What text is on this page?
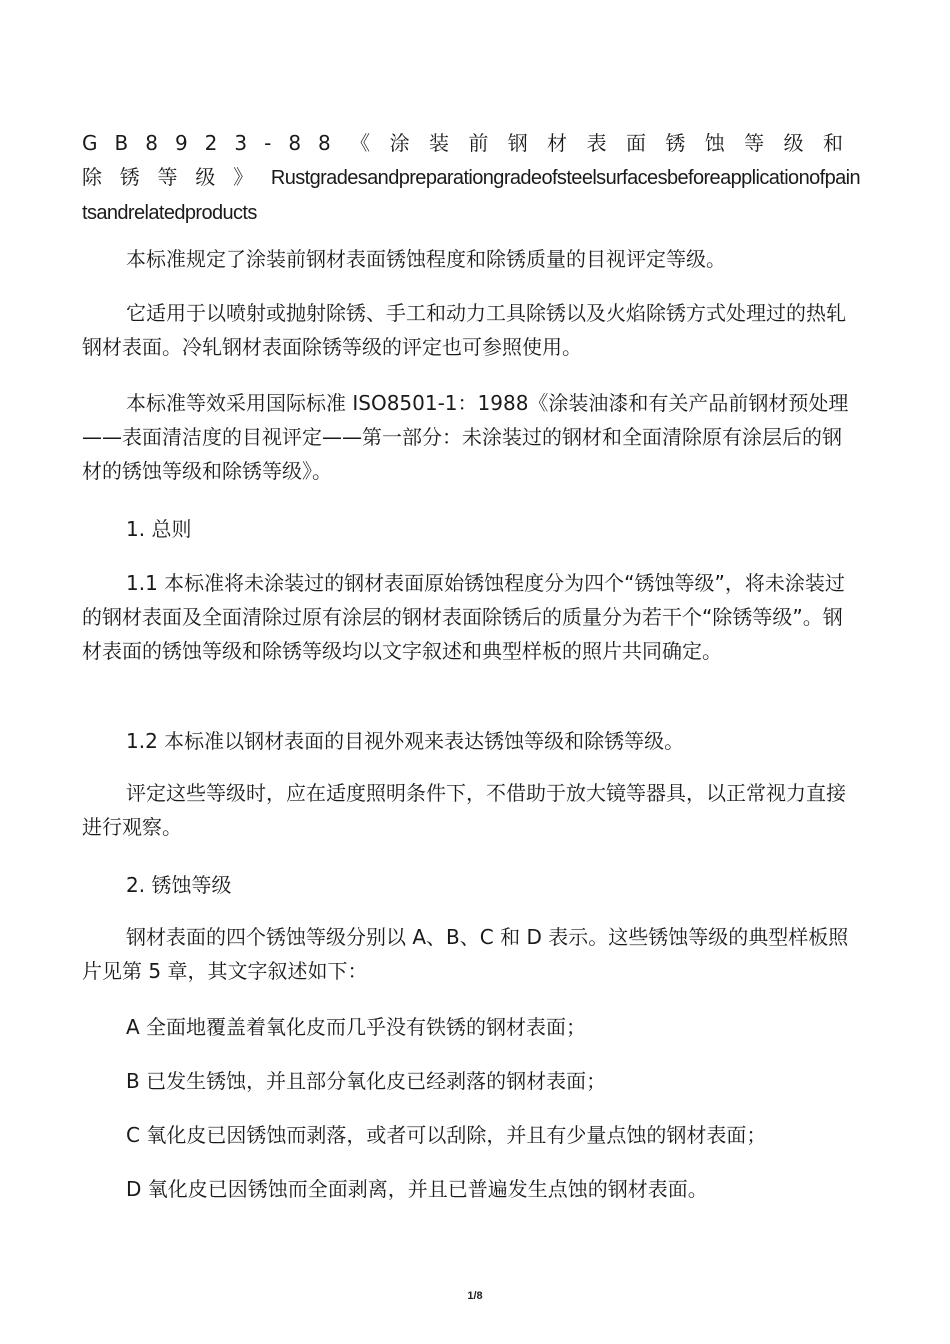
GB8923-88《涂装前钢材表面锈蚀等级和除锈等级》Rustgradesandpreparationgradeofsteelsurfacesbeforeapplicationofpaintsandrelatedproducts

本标准规定了涂装前钢材表面锈蚀程度和除锈质量的目视评定等级。

它适用于以喷射或抛射除锈、手工和动力工具除锈以及火焰除锈方式处理过的热轧钢材表面。冷轧钢材表面除锈等级的评定也可参照使用。

本标准等效采用国际标准 ISO8501-1：1988《涂装油漆和有关产品前钢材预处理——表面清洁度的目视评定——第一部分：未涂装过的钢材和全面清除原有涂层后的钢材的锈蚀等级和除锈等级》。

1. 总则

1.1 本标准将未涂装过的钢材表面原始锈蚀程度分为四个“锈蚀等级”，将未涂装过的钢材表面及全面清除过原有涂层的钢材表面除锈后的质量分为若干个“除锈等级”。钢材表面的锈蚀等级和除锈等级均以文字叙述和典型样板的照片共同确定。

1.2 本标准以钢材表面的目视外观来表达锈蚀等级和除锈等级。

评定这些等级时，应在适度照明条件下，不借助于放大镜等器具，以正常视力直接进行观察。

2. 锈蚀等级

钢材表面的四个锈蚀等级分别以 A、B、C 和 D 表示。这些锈蚀等级的典型样板照片见第 5 章，其文字叙述如下：

A 全面地覆盖着氧化皮而几乎没有铁锈的钢材表面；

B 已发生锈蚀，并且部分氧化皮已经剥落的钢材表面；

C 氧化皮已因锈蚀而剥落，或者可以刮除，并且有少量点蚀的钢材表面；

D 氧化皮已因锈蚀而全面剥离，并且已普遍发生点蚀的钢材表面。

1/8
